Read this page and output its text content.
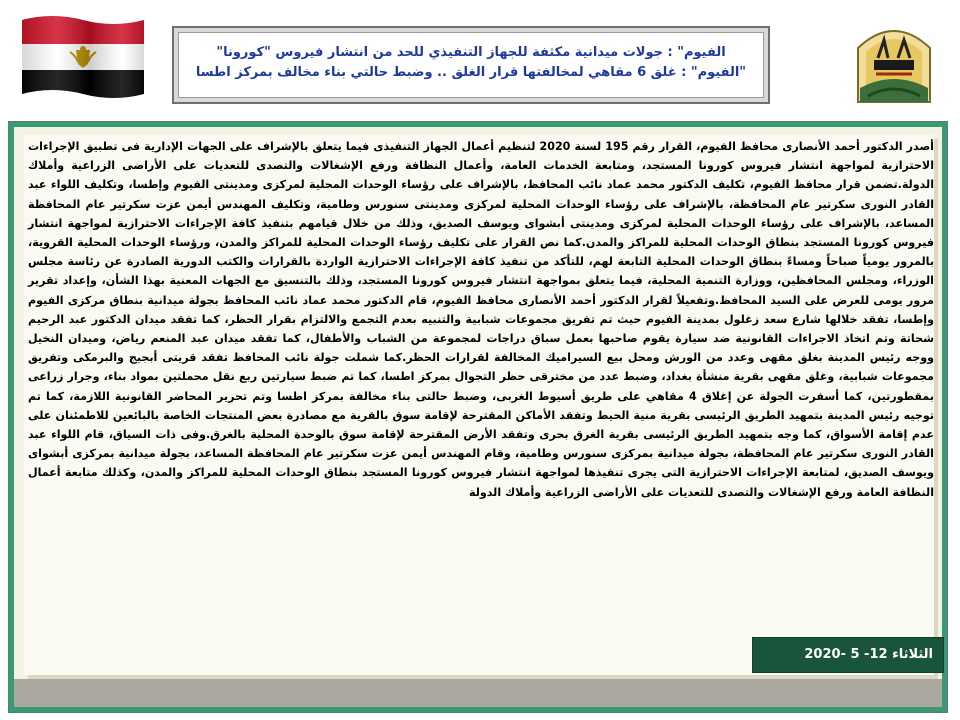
الفيوم" : جولات ميدانية مكثفة للجهاز التنفيذي للحد من انتشار فيروس "كورونا"
"الفيوم" : غلق 6 مقاهي لمخالفتها قرار الغلق .. وضبط حالتي بناء مخالف بمركز اطسا
أصدر الدكتور أحمد الأنصارى محافظ الفيوم، القرار رقم 195 لسنة 2020 لتنظيم أعمال الجهاز التنفيذى فيما يتعلق بالإشراف على الجهات الإدارية فى تطبيق الإجراءات الاحترازية لمواجهة انتشار فيروس كورونا المستجد، ومتابعة الخدمات العامة، وأعمال النظافة ورفع الإشغالات والتصدى للتعديات على الأراضى الزراعية وأملاك الدولة.تضمن قرار محافظ الفيوم، تكليف الدكتور محمد عماد نائب المحافظ، بالإشراف على رؤساء الوحدات المحلية لمركزى ومدينتى الفيوم وإطسا، وتكليف اللواء عبد القادر النورى سكرتير عام المحافظة، بالإشراف على رؤساء الوحدات المحلية لمركزى ومدينتى سنورس وطامية، وتكليف المهندس أيمن عزت سكرتير عام المحافظة المساعد، بالإشراف على رؤساء الوحدات المحلية لمركزى ومدينتى أبشواى ويوسف الصديق، وذلك من خلال قيامهم بتنفيذ كافة الإجراءات الاحترازية لمواجهة انتشار فيروس كورونا المستجد بنطاق الوحدات المحلية للمراكز والمدن.كما نص القرار على تكليف رؤساء الوحدات المحلية للمراكز والمدن، ورؤساء الوحدات المحلية القروية، بالمرور يومياً صباحاً ومساءً بنطاق الوحدات المحلية التابعة لهم، للتأكد من تنفيذ كافة الإجراءات الاحترازية الواردة بالقرارات والكتب الدورية الصادرة عن رئاسة مجلس الوزراء، ومجلس المحافظين، ووزارة التنمية المحلية، فيما يتعلق بمواجهة انتشار فيروس كورونا المستجد، وذلك بالتنسيق مع الجهات المعنية بهذا الشأن، وإعداد تقرير مرور يومى للعرض على السيد المحافظ.وتفعيلاً لقرار الدكتور أحمد الأنصارى محافظ الفيوم، قام الدكتور محمد عماد نائب المحافظ بجولة ميدانية بنطاق مركزى الفيوم وإطسا، تفقد خلالها شارع سعد زغلول بمدينة الفيوم حيث تم تفريق مجموعات شبابية والتنبيه بعدم التجمع والالتزام بقرار الحظر، كما تفقد ميدان الدكتور عبد الرحيم شحاتة وتم اتخاذ الاجراءات القانونية ضد سيارة يقوم صاحبها بعمل سباق دراجات لمجموعة من الشباب والأطفال، كما تفقد ميدان عبد المنعم رياض، وميدان النخيل ووجه رئيس المدينة بغلق مقهى وعدد من الورش ومحل بيع السيراميك المخالفة لقرارات الحظر.كما شملت جولة نائب المحافظ تفقد قريتى أبجيج والبرمكى وتفريق مجموعات شبابية، وغلق مقهى بقرية منشأة بغداد، وضبط عدد من مخترقى حظر التجوال بمركز اطسا، كما تم ضبط سيارتين ربع نقل محملتين بمواد بناء، وجرار زراعى بمقطورتين، كما أسفرت الجولة عن إغلاق 4 مقاهي على طريق أسيوط الغربى، وضبط حالتى بناء مخالفة بمركز اطسا وتم تحرير المحاضر القانونية اللازمة، كما تم توجيه رئيس المدينة بتمهيد الطريق الرئيسى بقرية منية الحيط وتفقد الأماكن المقترحة لإقامة سوق بالقرية مع مصادرة بعض المنتجات الخاصة بالبائعين للاطمئنان على عدم إقامة الأسواق، كما وجه بتمهيد الطريق الرئيسى بقرية الغرق بحرى وتفقد الأرض المقترحة لإقامة سوق بالوحدة المحلية بالغرق.وفى ذات السياق، قام اللواء عبد القادر النورى سكرتير عام المحافظة، بجولة ميدانية بمركزى سنورس وطامية، وقام المهندس أيمن عزت سكرتير عام المحافظة المساعد، بجولة ميدانية بمركزى أبشواى ويوسف الصديق، لمتابعة الإجراءات الاحترازية التى يجرى تنفيذها لمواجهة انتشار فيروس كورونا المستجد بنطاق الوحدات المحلية للمراكز والمدن، وكذلك متابعة أعمال النظافة العامة ورفع الإشغالات والتصدى للتعديات على الأراضى الزراعية وأملاك الدولة
الثلاثاء 12- 5 -2020
